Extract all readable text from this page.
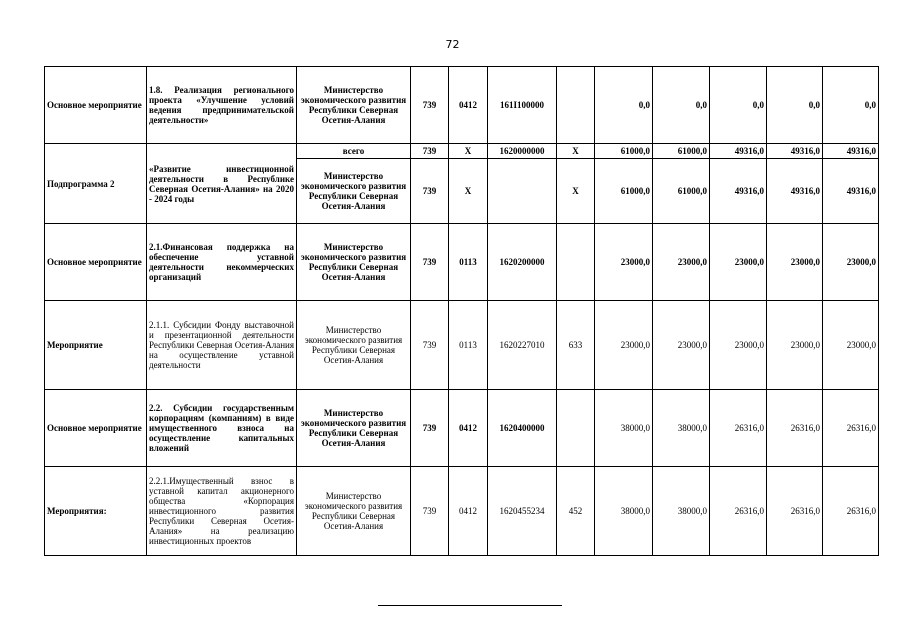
72
Основное мероприятие	1.8. Реализация регионального проекта «Улучшение условий ведения предпринимательской деятельности»	Министерство экономического развития Республики Северная Осетия-Алания	739	0412	161I100000		0,0	0,0	0,0	0,0	0,0
Подпрограмма 2	«Развитие инвестиционной деятельности в Республике Северная Осетия-Алания» на 2020 - 2024 годы	всего	739	X	1620000000	X	61000,0	61000,0	49316,0	49316,0	49316,0
		Министерство экономического развития Республики Северная Осетия-Алания	739	X		X	61000,0	61000,0	49316,0	49316,0	49316,0
Основное мероприятие	2.1.Финансовая поддержка на обеспечение уставной деятельности некоммерческих организаций	Министерство экономического развития Республики Северная Осетия-Алания	739	0113	1620200000		23000,0	23000,0	23000,0	23000,0	23000,0
Мероприятие	2.1.1. Субсидии Фонду выставочной и презентационной деятельности Республики Северная Осетия-Алания на осуществление уставной деятельности	Министерство экономического развития Республики Северная Осетия-Алания	739	0113	1620227010	633	23000,0	23000,0	23000,0	23000,0	23000,0
Основное мероприятие	2.2. Субсидии государственным корпорациям (компаниям) в виде имущественного взноса на осуществление капитальных вложений	Министерство экономического развития Республики Северная Осетия-Алания	739	0412	1620400000		38000,0	38000,0	26316,0	26316,0	26316,0
Мероприятия:	2.2.1.Имущественный взнос в уставной капитал акционерного общества «Корпорация инвестиционного развития Республики Северная Осетия-Алания» на реализацию инвестиционных проектов	Министерство экономического развития Республики Северная Осетия-Алания	739	0412	1620455234	452	38000,0	38000,0	26316,0	26316,0	26316,0
